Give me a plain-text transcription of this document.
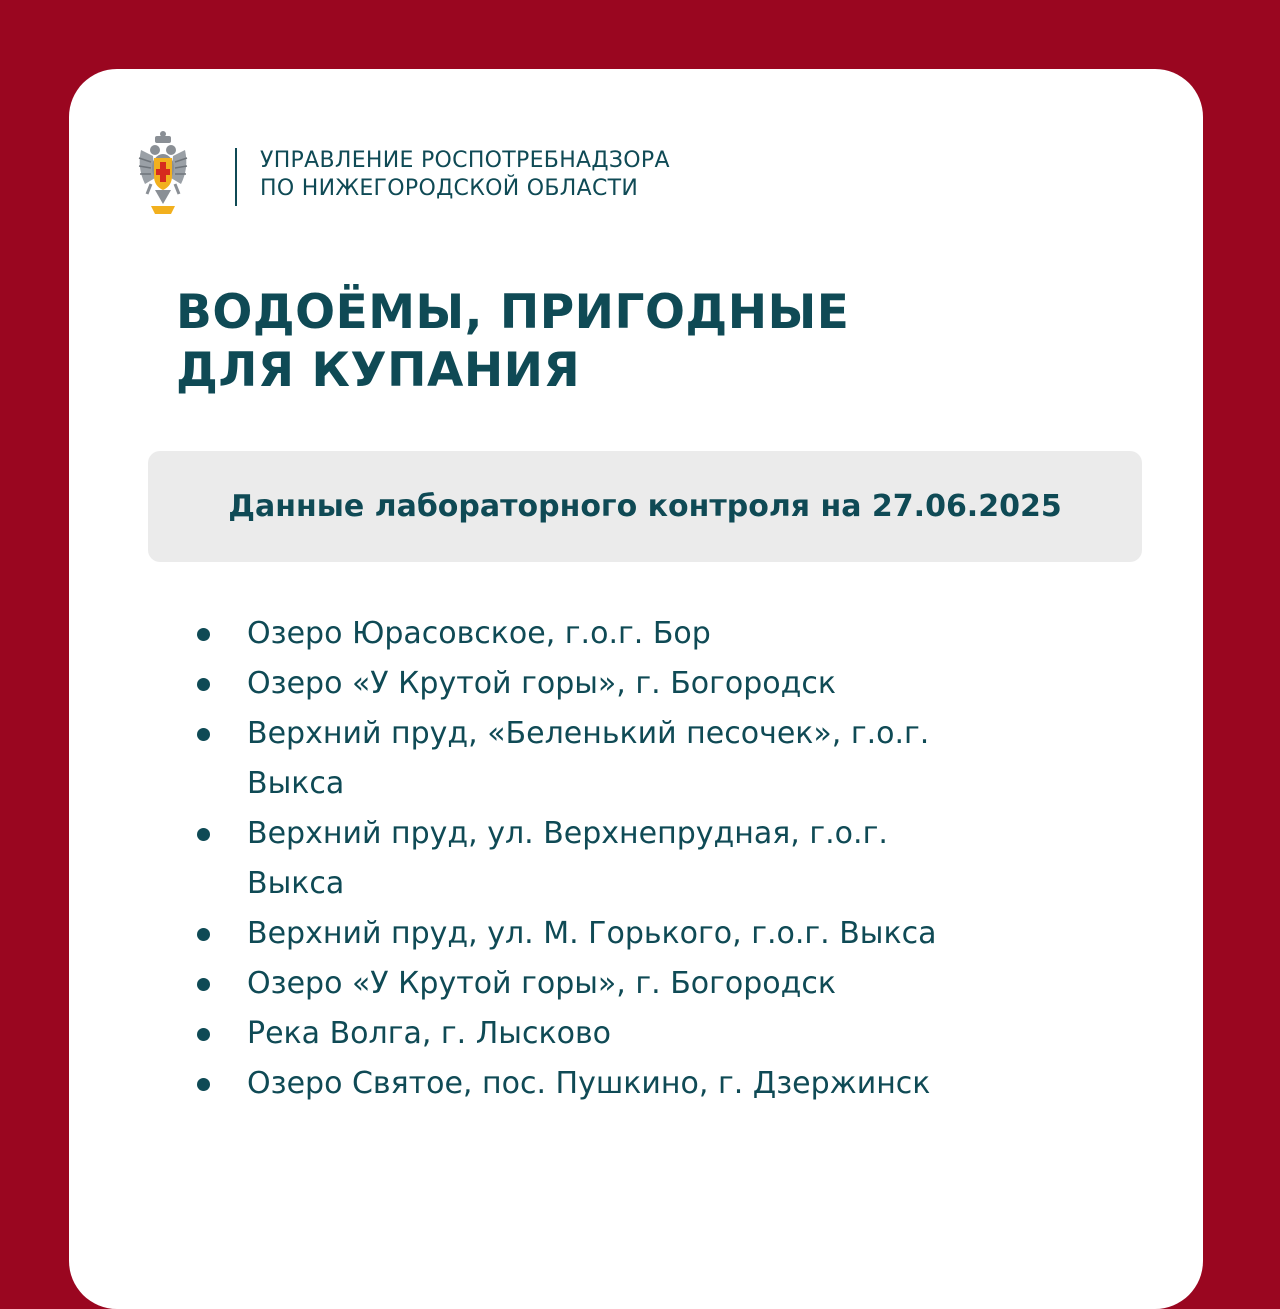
УПРАВЛЕНИЕ РОСПОТРЕБНАДЗОРА
ПО НИЖЕГОРОДСКОЙ ОБЛАСТИ
ВОДОЁМЫ, ПРИГОДНЫЕ
ДЛЯ КУПАНИЯ
Данные лабораторного контроля на 27.06.2025
Озеро Юрасовское, г.о.г. Бор
Озеро «У Крутой горы», г. Богородск
Верхний пруд, «Беленький песочек», г.о.г.
Выкса
Верхний пруд, ул. Верхнепрудная, г.о.г.
Выкса
Верхний пруд, ул. М. Горького, г.о.г. Выкса
Озеро «У Крутой горы», г. Богородск
Река Волга, г. Лысково
Озеро Святое, пос. Пушкино, г. Дзержинск
